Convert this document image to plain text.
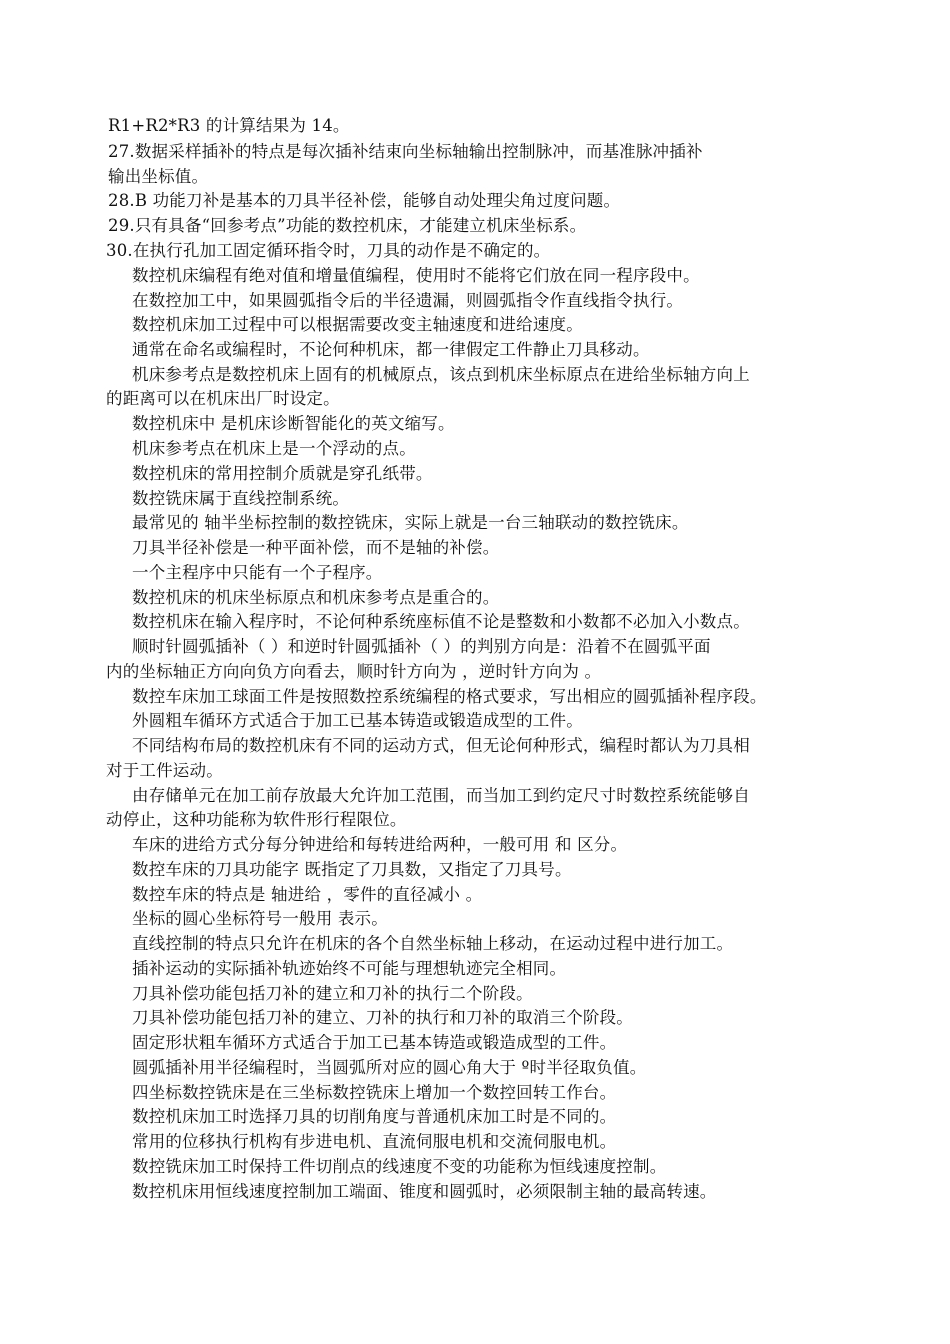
R1+R2*R3 的计算结果为 14。
27.数据采样插补的特点是每次插补结束向坐标轴输出控制脉冲，而基准脉冲插补
输出坐标值。
28.B 功能刀补是基本的刀具半径补偿，能够自动处理尖角过度问题。
29.只有具备“回参考点”功能的数控机床，才能建立机床坐标系。
30.在执行孔加工固定循环指令时，刀具的动作是不确定的。
数控机床编程有绝对值和增量值编程，使用时不能将它们放在同一程序段中。
在数控加工中，如果圆弧指令后的半径遗漏，则圆弧指令作直线指令执行。
数控机床加工过程中可以根据需要改变主轴速度和进给速度。
通常在命名或编程时，不论何种机床，都一律假定工件静止刀具移动。
机床参考点是数控机床上固有的机械原点，该点到机床坐标原点在进给坐标轴方向上
的距离可以在机床出厂时设定。
数控机床中 是机床诊断智能化的英文缩写。
机床参考点在机床上是一个浮动的点。
数控机床的常用控制介质就是穿孔纸带。
数控铣床属于直线控制系统。
最常见的 轴半坐标控制的数控铣床，实际上就是一台三轴联动的数控铣床。
刀具半径补偿是一种平面补偿，而不是轴的补偿。
一个主程序中只能有一个子程序。
数控机床的机床坐标原点和机床参考点是重合的。
数控机床在输入程序时，不论何种系统座标值不论是整数和小数都不必加入小数点。
顺时针圆弧插补（ ）和逆时针圆弧插补（ ）的判别方向是：沿着不在圆弧平面
内的坐标轴正方向向负方向看去，顺时针方向为 ，逆时针方向为 。
数控车床加工球面工件是按照数控系统编程的格式要求，写出相应的圆弧插补程序段。
外圆粗车循环方式适合于加工已基本铸造或锻造成型的工件。
不同结构布局的数控机床有不同的运动方式，但无论何种形式，编程时都认为刀具相
对于工件运动。
由存储单元在加工前存放最大允许加工范围，而当加工到约定尺寸时数控系统能够自
动停止，这种功能称为软件形行程限位。
车床的进给方式分每分钟进给和每转进给两种，一般可用 和 区分。
数控车床的刀具功能字 既指定了刀具数，又指定了刀具号。
数控车床的特点是 轴进给 ，零件的直径减小 。
坐标的圆心坐标符号一般用 表示。
直线控制的特点只允许在机床的各个自然坐标轴上移动，在运动过程中进行加工。
插补运动的实际插补轨迹始终不可能与理想轨迹完全相同。
刀具补偿功能包括刀补的建立和刀补的执行二个阶段。
刀具补偿功能包括刀补的建立、刀补的执行和刀补的取消三个阶段。
固定形状粗车循环方式适合于加工已基本铸造或锻造成型的工件。
圆弧插补用半径编程时，当圆弧所对应的圆心角大于 º时半径取负值。
四坐标数控铣床是在三坐标数控铣床上增加一个数控回转工作台。
数控机床加工时选择刀具的切削角度与普通机床加工时是不同的。
常用的位移执行机构有步进电机、直流伺服电机和交流伺服电机。
数控铣床加工时保持工件切削点的线速度不变的功能称为恒线速度控制。
数控机床用恒线速度控制加工端面、锥度和圆弧时，必须限制主轴的最高转速。
